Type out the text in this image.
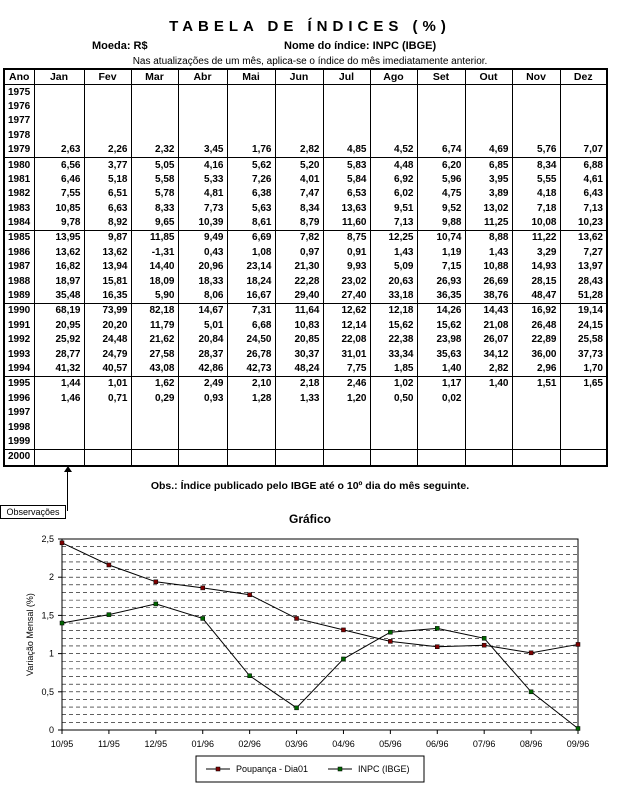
TABELA DE ÍNDICES (%)
Moeda: R$	Nome do índice: INPC (IBGE)
Nas atualizações de um mês, aplica-se o índice do mês imediatamente anterior.
Ano	Jan	Fev	Mar	Abr	Mai	Jun	Jul	Ago	Set	Out	Nov	Dez
1975												
1976												
1977												
1978												
1979	2,63	2,26	2,32	3,45	1,76	2,82	4,85	4,52	6,74	4,69	5,76	7,07
1980	6,56	3,77	5,05	4,16	5,62	5,20	5,83	4,48	6,20	6,85	8,34	6,88
1981	6,46	5,18	5,58	5,33	7,26	4,01	5,84	6,92	5,96	3,95	5,55	4,61
1982	7,55	6,51	5,78	4,81	6,38	7,47	6,53	6,02	4,75	3,89	4,18	6,43
1983	10,85	6,63	8,33	7,73	5,63	8,34	13,63	9,51	9,52	13,02	7,18	7,13
1984	9,78	8,92	9,65	10,39	8,61	8,79	11,60	7,13	9,88	11,25	10,08	10,23
1985	13,95	9,87	11,85	9,49	6,69	7,82	8,75	12,25	10,74	8,88	11,22	13,62
1986	13,62	13,62	-1,31	0,43	1,08	0,97	0,91	1,43	1,19	1,43	3,29	7,27
1987	16,82	13,94	14,40	20,96	23,14	21,30	9,93	5,09	7,15	10,88	14,93	13,97
1988	18,97	15,81	18,09	18,33	18,24	22,28	23,02	20,63	26,93	26,69	28,15	28,43
1989	35,48	16,35	5,90	8,06	16,67	29,40	27,40	33,18	36,35	38,76	48,47	51,28
1990	68,19	73,99	82,18	14,67	7,31	11,64	12,62	12,18	14,26	14,43	16,92	19,14
1991	20,95	20,20	11,79	5,01	6,68	10,83	12,14	15,62	15,62	21,08	26,48	24,15
1992	25,92	24,48	21,62	20,84	24,50	20,85	22,08	22,38	23,98	26,07	22,89	25,58
1993	28,77	24,79	27,58	28,37	26,78	30,37	31,01	33,34	35,63	34,12	36,00	37,73
1994	41,32	40,57	43,08	42,86	42,73	48,24	7,75	1,85	1,40	2,82	2,96	1,70
1995	1,44	1,01	1,62	2,49	2,10	2,18	2,46	1,02	1,17	1,40	1,51	1,65
1996	1,46	0,71	0,29	0,93	1,28	1,33	1,20	0,50	0,02			
1997												
1998												
1999												
2000												
Obs.: Índice publicado pelo IBGE até o 10º dia do mês seguinte.
Observações	Gráfico
0
0,5
1
1,5
2
2,5
10/95	11/95	12/95	01/96	02/96	03/96	04/96	05/96	06/96	07/96	08/96	09/96
Variação Mensal (%)
Poupança - Dia01	INPC (IBGE)
